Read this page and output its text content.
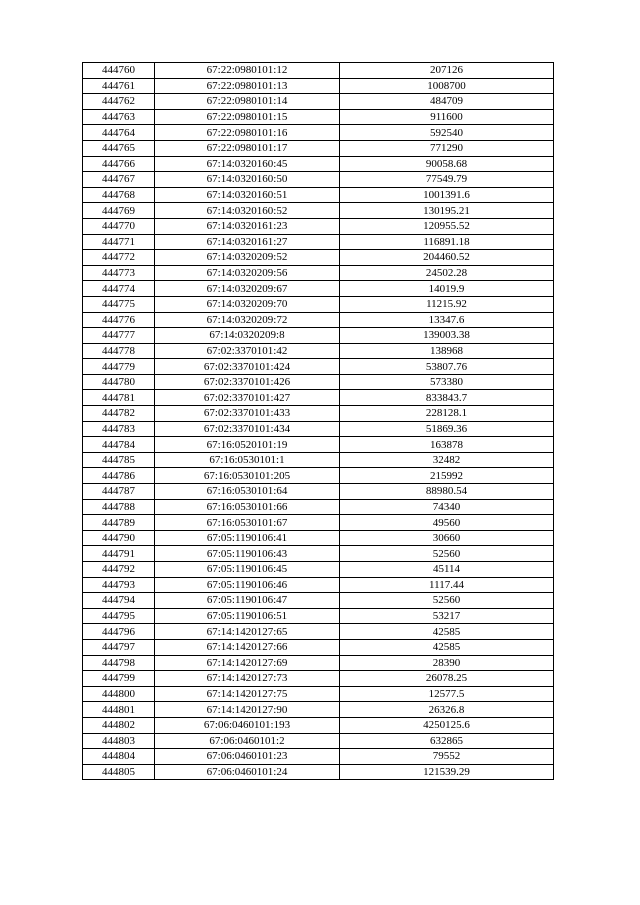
444760	67:22:0980101:12	207126
444761	67:22:0980101:13	1008700
444762	67:22:0980101:14	484709
444763	67:22:0980101:15	911600
444764	67:22:0980101:16	592540
444765	67:22:0980101:17	771290
444766	67:14:0320160:45	90058.68
444767	67:14:0320160:50	77549.79
444768	67:14:0320160:51	1001391.6
444769	67:14:0320160:52	130195.21
444770	67:14:0320161:23	120955.52
444771	67:14:0320161:27	116891.18
444772	67:14:0320209:52	204460.52
444773	67:14:0320209:56	24502.28
444774	67:14:0320209:67	14019.9
444775	67:14:0320209:70	11215.92
444776	67:14:0320209:72	13347.6
444777	67:14:0320209:8	139003.38
444778	67:02:3370101:42	138968
444779	67:02:3370101:424	53807.76
444780	67:02:3370101:426	573380
444781	67:02:3370101:427	833843.7
444782	67:02:3370101:433	228128.1
444783	67:02:3370101:434	51869.36
444784	67:16:0520101:19	163878
444785	67:16:0530101:1	32482
444786	67:16:0530101:205	215992
444787	67:16:0530101:64	88980.54
444788	67:16:0530101:66	74340
444789	67:16:0530101:67	49560
444790	67:05:1190106:41	30660
444791	67:05:1190106:43	52560
444792	67:05:1190106:45	45114
444793	67:05:1190106:46	1117.44
444794	67:05:1190106:47	52560
444795	67:05:1190106:51	53217
444796	67:14:1420127:65	42585
444797	67:14:1420127:66	42585
444798	67:14:1420127:69	28390
444799	67:14:1420127:73	26078.25
444800	67:14:1420127:75	12577.5
444801	67:14:1420127:90	26326.8
444802	67:06:0460101:193	4250125.6
444803	67:06:0460101:2	632865
444804	67:06:0460101:23	79552
444805	67:06:0460101:24	121539.29
